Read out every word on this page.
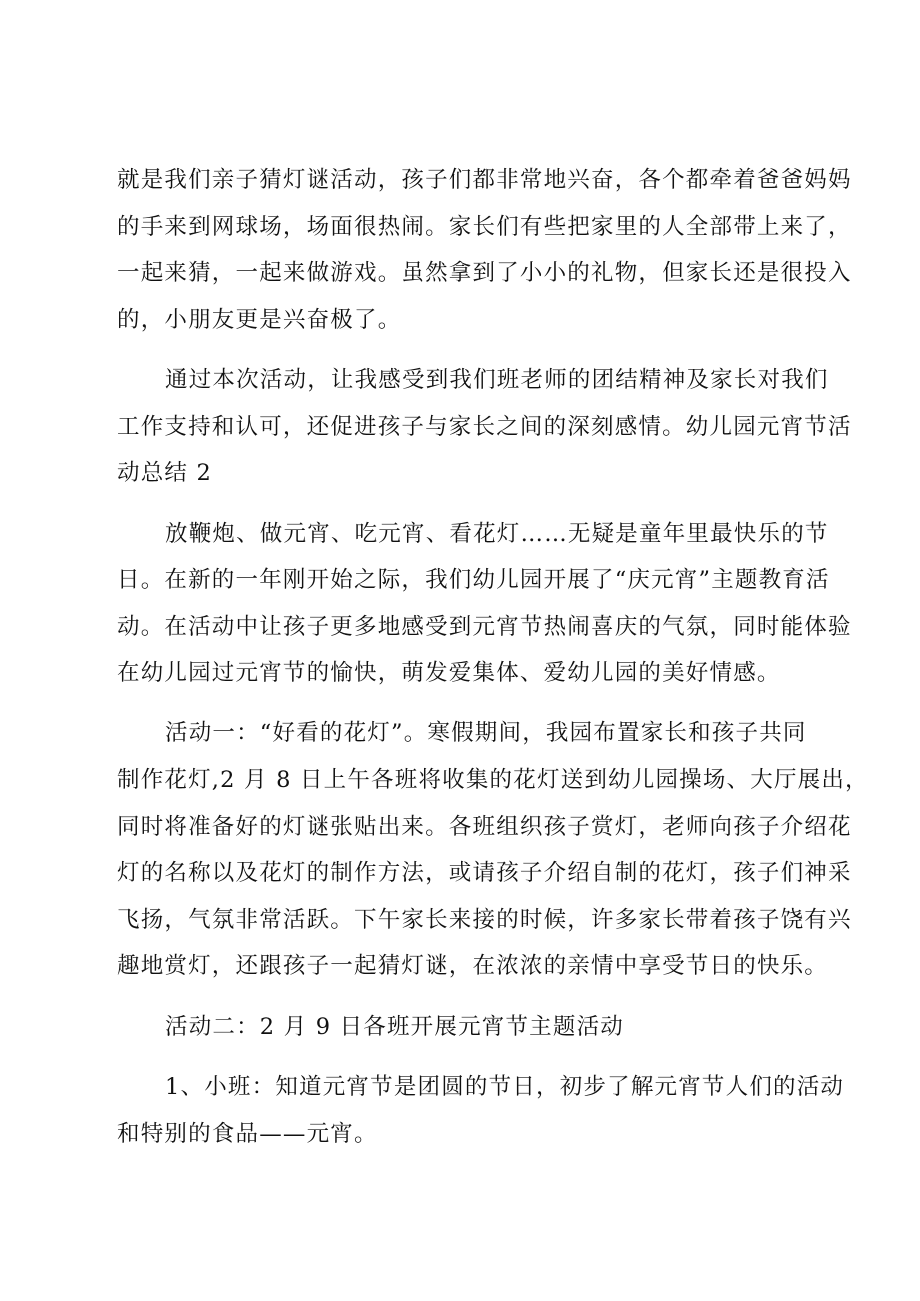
就是我们亲子猜灯谜活动，孩子们都非常地兴奋，各个都牵着爸爸妈妈
的手来到网球场，场面很热闹。家长们有些把家里的人全部带上来了，
一起来猜，一起来做游戏。虽然拿到了小小的礼物，但家长还是很投入
的，小朋友更是兴奋极了。
通过本次活动，让我感受到我们班老师的团结精神及家长对我们
工作支持和认可，还促进孩子与家长之间的深刻感情。幼儿园元宵节活
动总结 2
放鞭炮、做元宵、吃元宵、看花灯……无疑是童年里最快乐的节
日。在新的一年刚开始之际，我们幼儿园开展了“庆元宵”主题教育活
动。在活动中让孩子更多地感受到元宵节热闹喜庆的气氛，同时能体验
在幼儿园过元宵节的愉快，萌发爱集体、爱幼儿园的美好情感。
活动一：“好看的花灯”。寒假期间，我园布置家长和孩子共同
制作花灯,2 月 8 日上午各班将收集的花灯送到幼儿园操场、大厅展出，
同时将准备好的灯谜张贴出来。各班组织孩子赏灯，老师向孩子介绍花
灯的名称以及花灯的制作方法，或请孩子介绍自制的花灯，孩子们神采
飞扬，气氛非常活跃。下午家长来接的时候，许多家长带着孩子饶有兴
趣地赏灯，还跟孩子一起猜灯谜，在浓浓的亲情中享受节日的快乐。
活动二：2 月 9 日各班开展元宵节主题活动
1、小班：知道元宵节是团圆的节日，初步了解元宵节人们的活动
和特别的食品——元宵。
